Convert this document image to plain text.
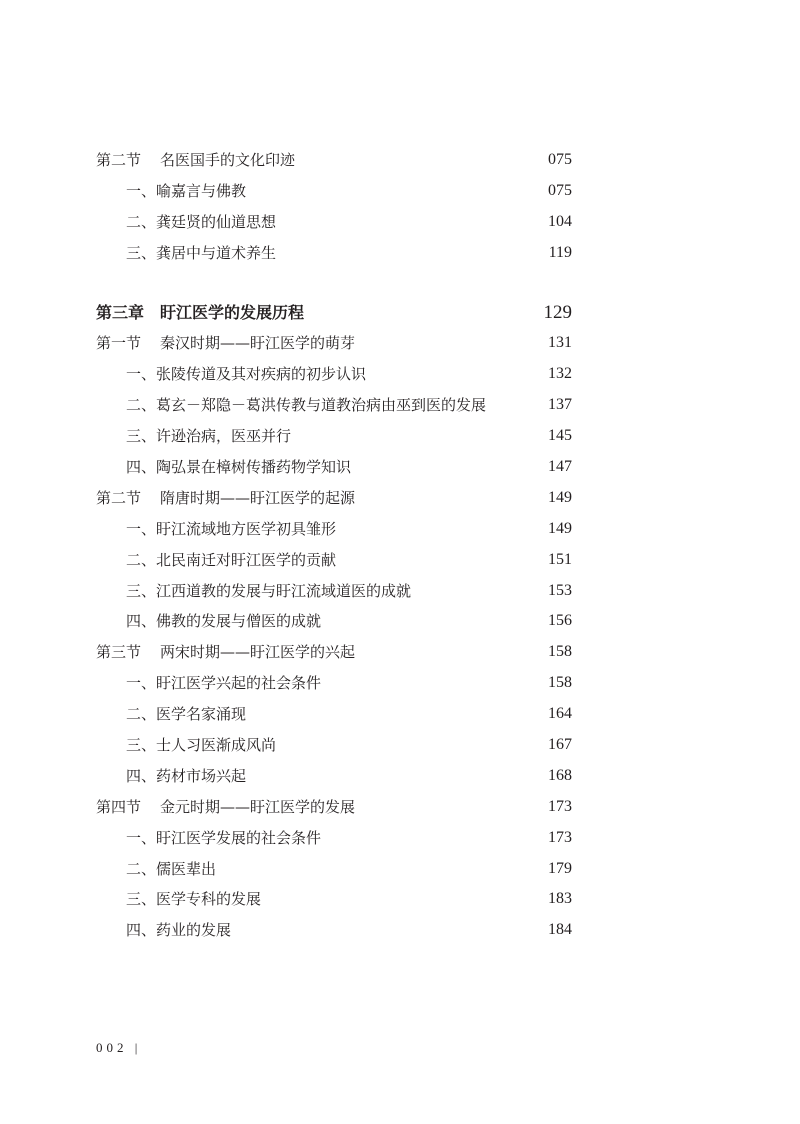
第二节 名医国手的文化印迹	075
一、喻嘉言与佛教	075
二、龚廷贤的仙道思想	104
三、龚居中与道术养生	119
第三章 盱江医学的发展历程	129
第一节 秦汉时期——盱江医学的萌芽	131
一、张陵传道及其对疾病的初步认识	132
二、葛玄－郑隐－葛洪传教与道教治病由巫到医的发展	137
三、许逊治病，医巫并行	145
四、陶弘景在樟树传播药物学知识	147
第二节 隋唐时期——盱江医学的起源	149
一、盱江流域地方医学初具雏形	149
二、北民南迁对盱江医学的贡献	151
三、江西道教的发展与盱江流域道医的成就	153
四、佛教的发展与僧医的成就	156
第三节 两宋时期——盱江医学的兴起	158
一、盱江医学兴起的社会条件	158
二、医学名家涌现	164
三、士人习医渐成风尚	167
四、药材市场兴起	168
第四节 金元时期——盱江医学的发展	173
一、盱江医学发展的社会条件	173
二、儒医辈出	179
三、医学专科的发展	183
四、药业的发展	184
002 |
